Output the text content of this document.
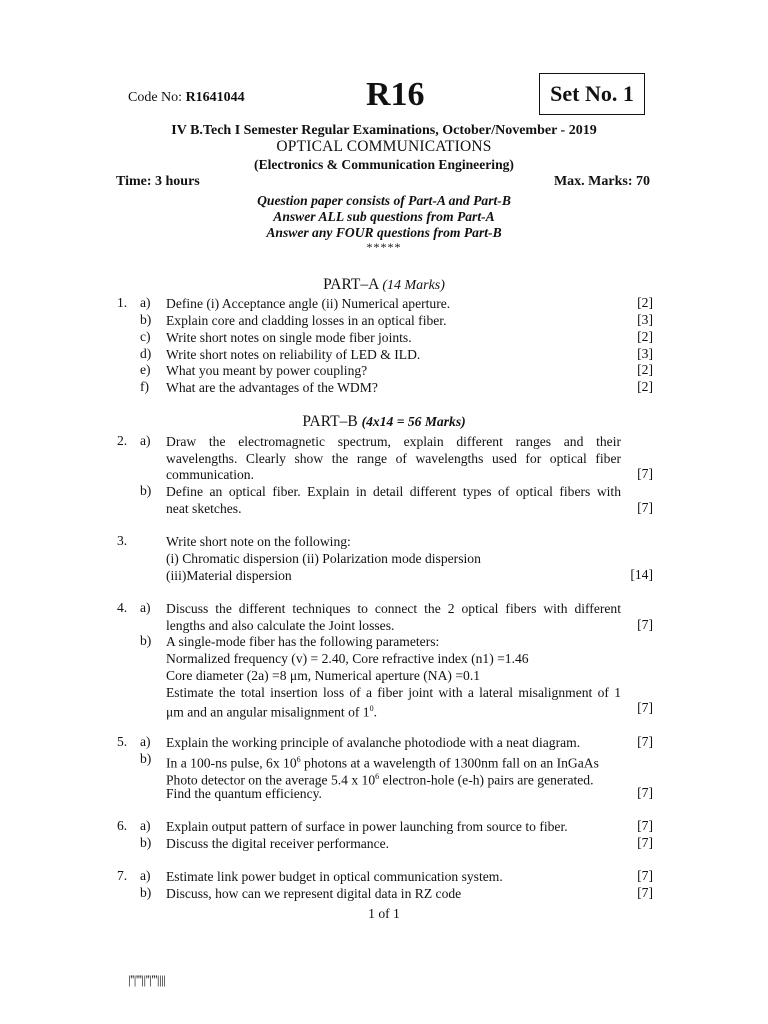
Code No: R1641044	R16	Set No. 1
IV B.Tech I Semester Regular Examinations, October/November - 2019
OPTICAL COMMUNICATIONS
(Electronics & Communication Engineering)
Time: 3 hours	Max. Marks: 70
Question paper consists of Part-A and Part-B
Answer ALL sub questions from Part-A
Answer any FOUR questions from Part-B
*****
PART–A (14 Marks)
1. a) Define (i) Acceptance angle (ii) Numerical aperture.	[2]
b) Explain core and cladding losses in an optical fiber.	[3]
c) Write short notes on single mode fiber joints.	[2]
d) Write short notes on reliability of LED & ILD.	[3]
e) What you meant by power coupling?	[2]
f) What are the advantages of the WDM?	[2]
PART–B (4x14 = 56 Marks)
2. a) Draw the electromagnetic spectrum, explain different ranges and their
wavelengths. Clearly show the range of wavelengths used for optical fiber
communication.	[7]
b) Define an optical fiber. Explain in detail different types of optical fibers with
neat sketches.	[7]
3.	Write short note on the following:
(i) Chromatic dispersion (ii) Polarization mode dispersion
(iii)Material dispersion	[14]
4. a) Discuss the different techniques to connect the 2 optical fibers with different
lengths and also calculate the Joint losses.	[7]
b) A single-mode fiber has the following parameters:
Normalized frequency (v) = 2.40, Core refractive index (n1) =1.46
Core diameter (2a) =8 μm, Numerical aperture (NA) =0.1
Estimate the total insertion loss of a fiber joint with a lateral misalignment of 1
μm and an angular misalignment of $1^0$.	[7]
5. a) Explain the working principle of avalanche photodiode with a neat diagram.	[7]
b) In a 100-ns pulse, 6x $10^6$ photons at a wavelength of 1300nm fall on an InGaAs
Photo detector on the average 5.4 x $10^6$ electron-hole (e-h) pairs are generated.
Find the quantum efficiency.	[7]
6. a) Explain output pattern of surface in power launching from source to fiber.	[7]
b) Discuss the digital receiver performance.	[7]
7. a) Estimate link power budget in optical communication system.	[7]
b) Discuss, how can we represent digital data in RZ code	[7]
1 of 1
|''|'''||''|'''||||
